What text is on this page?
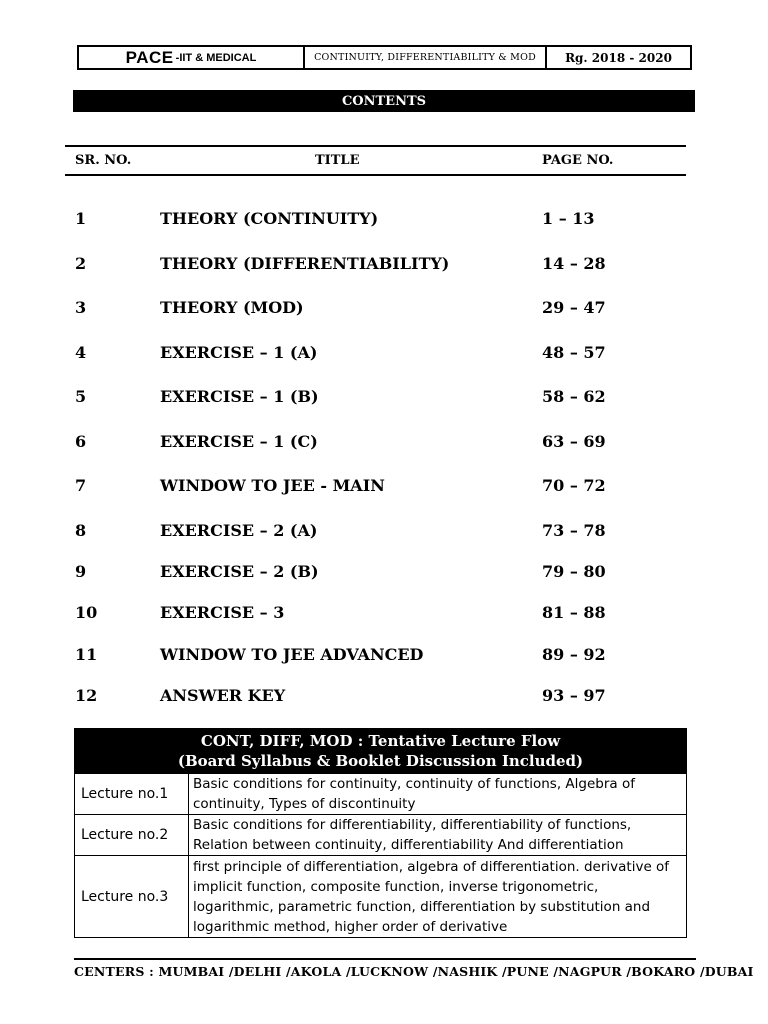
PACE -IIT & MEDICAL	CONTINUITY, DIFFERENTIABILITY & MOD	Rg. 2018 - 2020
CONTENTS
SR. NO.	TITLE	PAGE NO.
1	THEORY (CONTINUITY)	1 – 13
2	THEORY (DIFFERENTIABILITY)	14 – 28
3	THEORY (MOD)	29 – 47
4	EXERCISE – 1 (A)	48 – 57
5	EXERCISE – 1 (B)	58 – 62
6	EXERCISE – 1 (C)	63 – 69
7	WINDOW TO JEE - MAIN	70 – 72
8	EXERCISE – 2 (A)	73 – 78
9	EXERCISE – 2 (B)	79 – 80
10	EXERCISE – 3	81 – 88
11	WINDOW TO JEE ADVANCED	89 – 92
12	ANSWER KEY	93 – 97
CONT, DIFF, MOD : Tentative Lecture Flow
(Board Syllabus & Booklet Discussion Included)	

Lecture no.1	Basic conditions for continuity, continuity of functions, Algebra of continuity, Types of discontinuity
Lecture no.2	Basic conditions for differentiability, differentiability of functions, Relation between continuity, differentiability And differentiation
Lecture no.3	first principle of differentiation, algebra of differentiation. derivative of implicit function, composite function, inverse trigonometric, logarithmic, parametric function, differentiation by substitution and logarithmic method, higher order of derivative
CENTERS : MUMBAI /DELHI /AKOLA /LUCKNOW /NASHIK /PUNE /NAGPUR /BOKARO /DUBAI
